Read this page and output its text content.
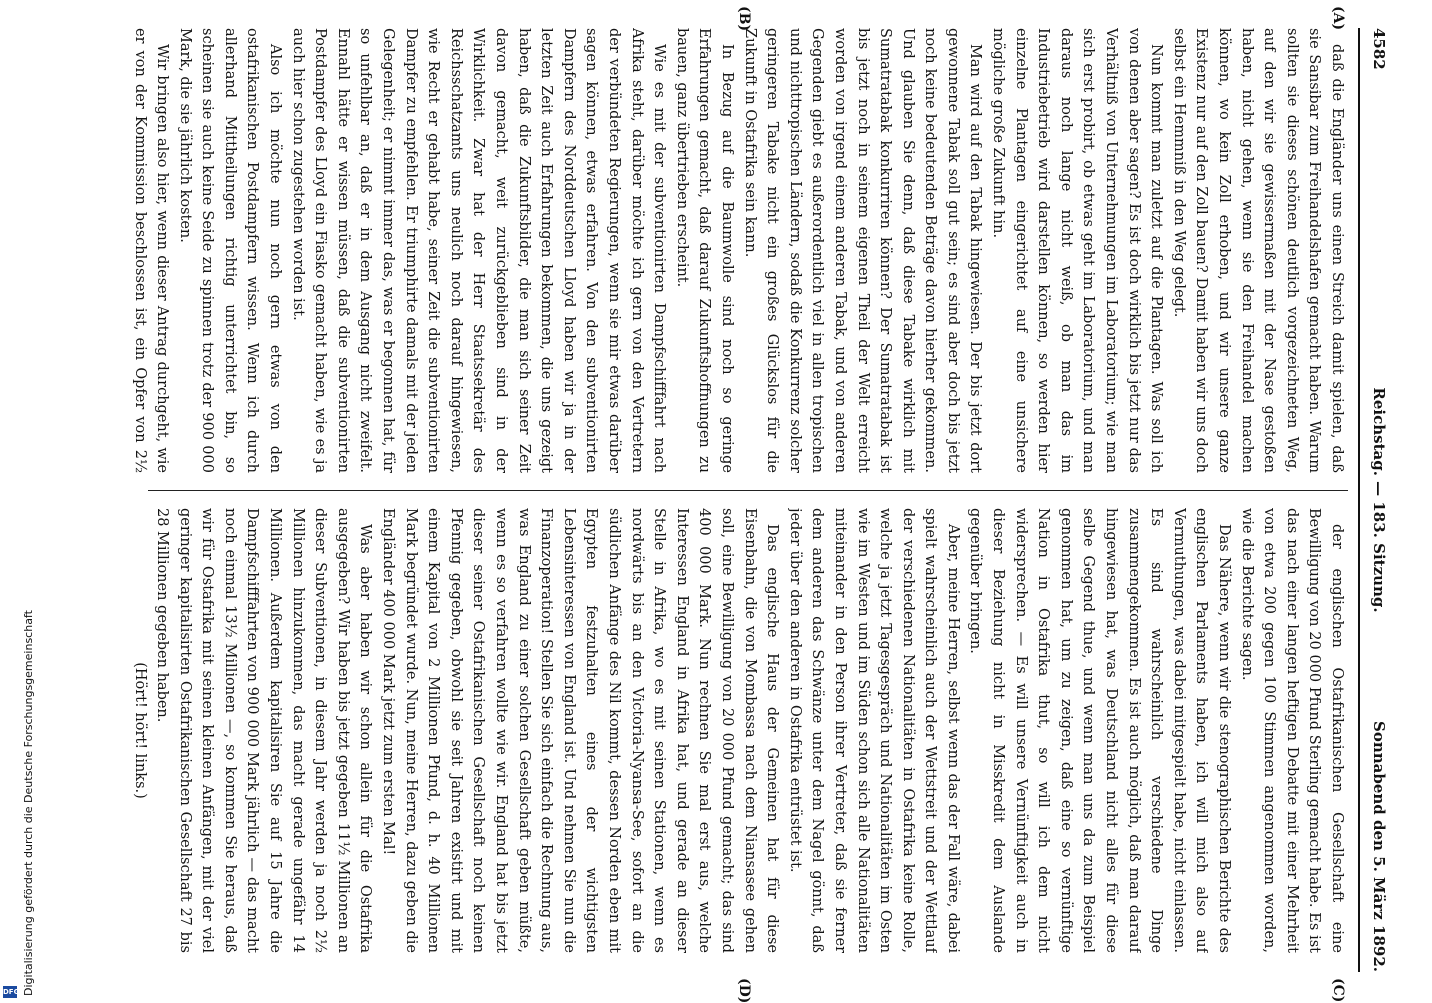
4582
Reichstag. — 183. Sitzung.
Sonnabend den 5. März 1892.
(A)
(B)
(C)
(D)

daß die Engländer uns einen Streich damit spielen, daß sie Sansibar zum Freihandelshafen gemacht haben. Warum sollten sie dieses schönen deutlich vorgezeichneten Weg, auf den wir sie gewissermaßen mit der Nase gestoßen haben, nicht gehen, wenn sie den Freihandel machen können, wo kein Zoll erhoben, und wir unsere ganze Existenz nur auf den Zoll bauen? Damit haben wir uns doch selbst ein Hemmniß in den Weg gelegt.

Nun kommt man zuletzt auf die Plantagen. Was soll ich von denen aber sagen? Es ist doch wirklich bis jetzt nur das Verhältniß von Unternehmungen im Laboratorium; wie man sich erst probirt, ob etwas geht im Laboratorium, und man daraus noch lange nicht weiß, ob man das im Industriebetrieb wird darstellen können, so werden hier einzelne Plantagen eingerichtet auf eine unsichere mögliche große Zukunft hin.

Man wird auf den Tabak hingewiesen. Der bis jetzt dort gewonnene Tabak soll gut sein; es sind aber doch bis jetzt noch keine bedeutenden Beträge davon hierher gekommen. Und glauben Sie denn, daß diese Tabake wirklich mit Sumatratabak konkurriren können? Der Sumatratabak ist bis jetzt noch in seinem eigenen Theil der Welt erreicht worden von irgend einem anderen Tabak, und von anderen Gegenden giebt es außerordentlich viel in allen tropischen und nichttropischen Ländern, sodaß die Konkurrenz solcher geringeren Tabake nicht ein großes Glückslos für die Zukunft in Ostafrika sein kann.

In Bezug auf die Baumwolle sind noch so geringe Erfahrungen gemacht, daß darauf Zukunftshoffnungen zu bauen, ganz übertrieben erscheint.

Wie es mit der subventionirten Dampfschifffahrt nach Afrika steht, darüber möchte ich gern von den Vertretern der verbündeten Regierungen, wenn sie mir etwas darüber sagen können, etwas erfahren. Von den subventionirten Dampfern des Norddeutschen Lloyd haben wir ja in der letzten Zeit auch Erfahrungen bekommen, die uns gezeigt haben, daß die Zukunftsbilder, die man sich seiner Zeit davon gemacht, weit zurückgeblieben sind in der Wirklichkeit. Zwar hat der Herr Staatssekretär des Reichsschatzamts uns neulich noch darauf hingewiesen, wie Recht er gehabt habe, seiner Zeit die subventionirten Dampfer zu empfehlen. Er triumphirte damals mit der jeden Gelegenheit; er nimmt immer das, was er begonnen hat, für so unfehlbar an, daß er in dem Ausgang nicht zweifelt. Ennahl hätte er wissen müssen, daß die subventionirten Postdampfer des Lloyd ein Fiasko gemacht haben, wie es ja auch hier schon zugestehen worden ist.

Also ich möchte nun noch gern etwas von den ostafrikanischen Postdampfern wissen. Wenn ich durch allerhand Mittheilungen richtig unterrichtet bin, so scheinen sie auch keine Seide zu spinnen trotz der 900 000 Mark, die sie jährlich kosten.

Wir bringen also hier, wenn dieser Antrag durchgeht, wie er von der Kommission beschlossen ist, ein Opfer von 2½

der englischen Ostafrikanischen Gesellschaft eine Bewilligung von 20 000 Pfund Sterling gemacht habe. Es ist das nach einer langen heftigen Debatte mit einer Mehrheit von etwa 200 gegen 100 Stimmen angenommen worden, wie die Berichte sagen.

Das Nähere, wenn wir die stenographischen Berichte des englischen Parlaments haben, ich will mich also auf Vermuthungen, was dabei mitgespielt habe, nicht einlassen. Es sind wahrscheinlich verschiedene Dinge zusammengekommen. Es ist auch möglich, daß man darauf hingewiesen hat, was Deutschland nicht alles für diese selbe Gegend thue, und wenn man uns da zum Beispiel genommen hat, um zu zeigen, daß eine so vernünftige Nation in Ostafrika thut, so will ich dem nicht widersprechen. — Es will unsere Vernünftigkeit auch in dieser Beziehung nicht in Misskredit dem Auslande gegenüber bringen.

Aber, meine Herren, selbst wenn das der Fall wäre, dabei spielt wahrscheinlich auch der Wettstreit und der Wettlauf der verschiedenen Nationalitäten in Ostafrika keine Rolle, welche ja jetzt Tagesgespräch und Nationalitäten im Osten wie im Westen und im Süden schon sich alle Nationalitäten miteinander in den Person ihrer Vertreter, daß sie ferner dem anderen das Schwänze unter dem Nagel gönnt, daß jeder über den anderen in Ostafrika entrüstet ist.

Das englische Haus der Gemeinen hat für diese Eisenbahn, die von Mombassa nach dem Niansasee gehen soll, eine Bewilligung von 20 000 Pfund gemacht; das sind 400 000 Mark. Nun rechnen Sie mal erst aus, welche Interessen England in Afrika hat, und gerade an dieser Stelle in Afrika, wo es mit seinen Stationen, wenn es nordwärts bis an den Victoria-Nyansa-See, sofort an die südlichen Anfänge des Nil kommt, dessen Norden eben mit Egypten festzuhalten eines der wichtigsten Lebensinteressen von England ist. Und nehmen Sie nun die Finanzoperation! Stellen Sie sich einfach die Rechnung aus, was England zu einer solchen Gesellschaft geben müßte, wenn es so verfahren wollte wie wir. England hat bis jetzt dieser seiner Ostafrikanischen Gesellschaft noch keinen Pfennig gegeben, obwohl sie seit Jahren existirt und mit einem Kapital von 2 Millionen Pfund, d. h. 40 Millionen Mark begründet wurde. Nun, meine Herren, dazu geben die Engländer 400 000 Mark jetzt zum ersten Mal!

Was aber haben wir schon allein für die Ostafrika ausgegeben? Wir haben bis jetzt gegeben 11½ Millionen an dieser Subventionen, in diesem Jahr werden ja noch 2½ Millionen hinzukommen, das macht gerade ungefähr 14 Millionen. Außerdem kapitalisiren Sie auf 15 Jahre die Dampfschifffahrten von 900 000 Mark jährlich — das macht noch einmal 13½ Millionen —, so kommen Sie heraus, daß wir für Ostafrika mit seinen kleinen Anfängen, mit der viel geringer kapitalisirten Ostafrikanischen Gesellschaft 27 bis 28 Millionen gegeben haben.

(Hört! hört! links.)

Digitalisierung gefördert durch die Deutsche Forschungsgemeinschaft
DFG
